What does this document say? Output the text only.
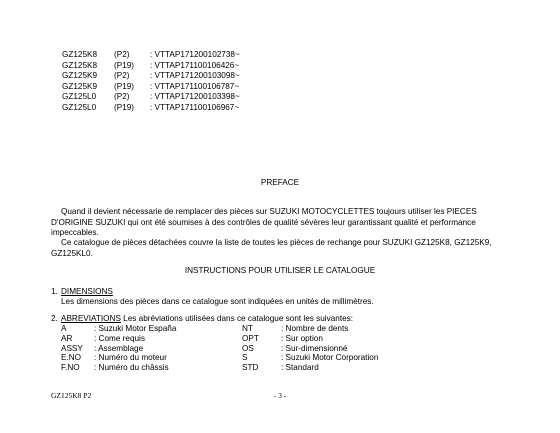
GZ125K8	(P2)	: VTTAP171200102738~
GZ125K8	(P19)	: VTTAP171100106426~
GZ125K9	(P2)	: VTTAP171200103098~
GZ125K9	(P19)	: VTTAP171100106787~
GZ125L0	(P2)	: VTTAP171200103398~
GZ125L0	(P19)	: VTTAP171100106967~
PREFACE
Quand il devient nécessarie de remplacer des pièces sur SUZUKI MOTOCYCLETTES toujours utiliser les PIECES D'ORIGINE SUZUKI qui ont été soumises à des contrôles de qualité sévères leur garantissant qualité et performance impeccables.
Ce catalogue de pièces détachées couvre la liste de toutes les pièces de rechange pour SUZUKI GZ125K8, GZ125K9, GZ125KL0.
INSTRUCTIONS POUR UTILISER LE CATALOGUE
1. DIMENSIONS
Les dimensions des pièces dans ce catalogue sont indiquées en unités de millimètres.
2. ABREVIATIONS Les abréviations utilisées dans ce catalogue sont les suivantes:
A	: Suzuki Motor España	NT	: Nombre de dents
AR	: Come requis	OPT	: Sur option
ASSY	: Assemblage	OS	: Sur-dimensionné
E.NO	: Numéro du moteur	S	: Suzuki Motor Corporation
F.NO	: Numéro du châssis	STD	: Standard
GZ125K8 P2	- 3 -
